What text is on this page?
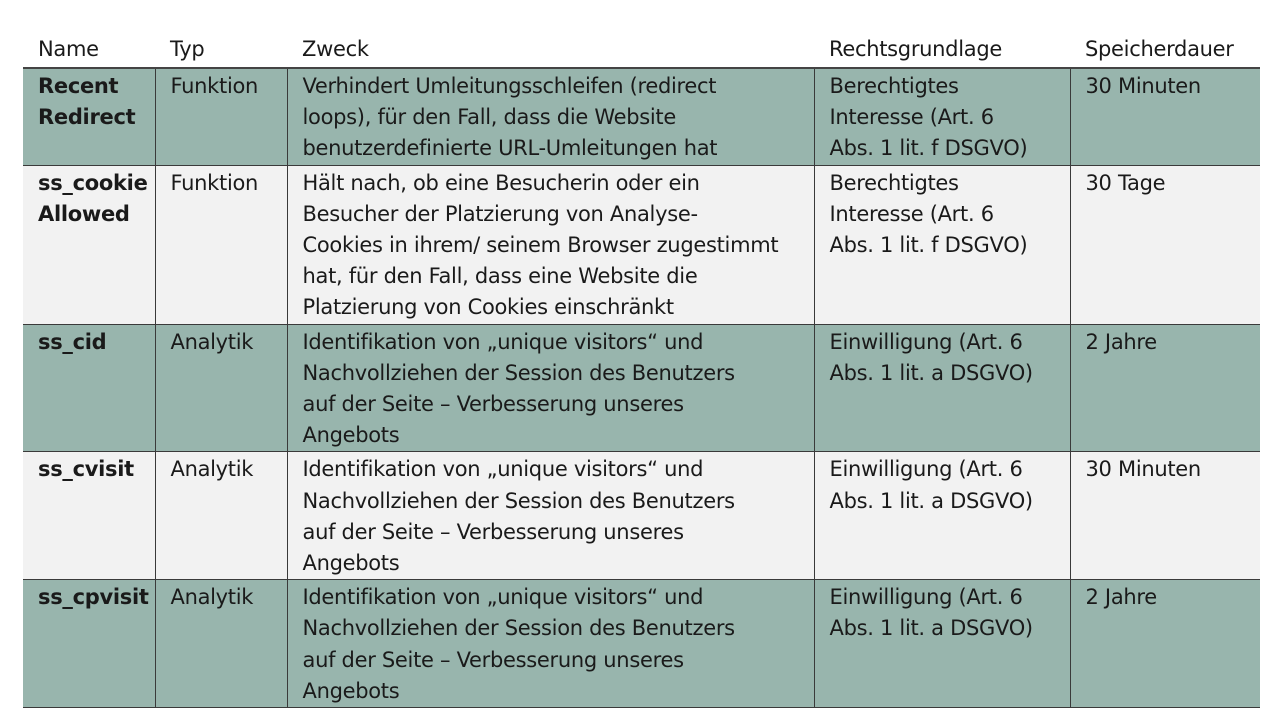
Name	Typ	Zweck	Rechtsgrundlage	Speicherdauer
Recent
Redirect	Funktion	Verhindert Umleitungsschleifen (redirect
loops), für den Fall, dass die Website
benutzerdefinierte URL-Umleitungen hat	Berechtigtes
Interesse (Art. 6
Abs. 1 lit. f DSGVO)	30 Minuten
ss_cookie
Allowed	Funktion	Hält nach, ob eine Besucherin oder ein
Besucher der Platzierung von Analyse-
Cookies in ihrem/ seinem Browser zugestimmt
hat, für den Fall, dass eine Website die
Platzierung von Cookies einschränkt	Berechtigtes
Interesse (Art. 6
Abs. 1 lit. f DSGVO)	30 Tage
ss_cid	Analytik	Identifikation von „unique visitors“ und
Nachvollziehen der Session des Benutzers
auf der Seite – Verbesserung unseres
Angebots	Einwilligung (Art. 6
Abs. 1 lit. a DSGVO)	2 Jahre
ss_cvisit	Analytik	Identifikation von „unique visitors“ und
Nachvollziehen der Session des Benutzers
auf der Seite – Verbesserung unseres
Angebots	Einwilligung (Art. 6
Abs. 1 lit. a DSGVO)	30 Minuten
ss_cpvisit	Analytik	Identifikation von „unique visitors“ und
Nachvollziehen der Session des Benutzers
auf der Seite – Verbesserung unseres
Angebots	Einwilligung (Art. 6
Abs. 1 lit. a DSGVO)	2 Jahre
